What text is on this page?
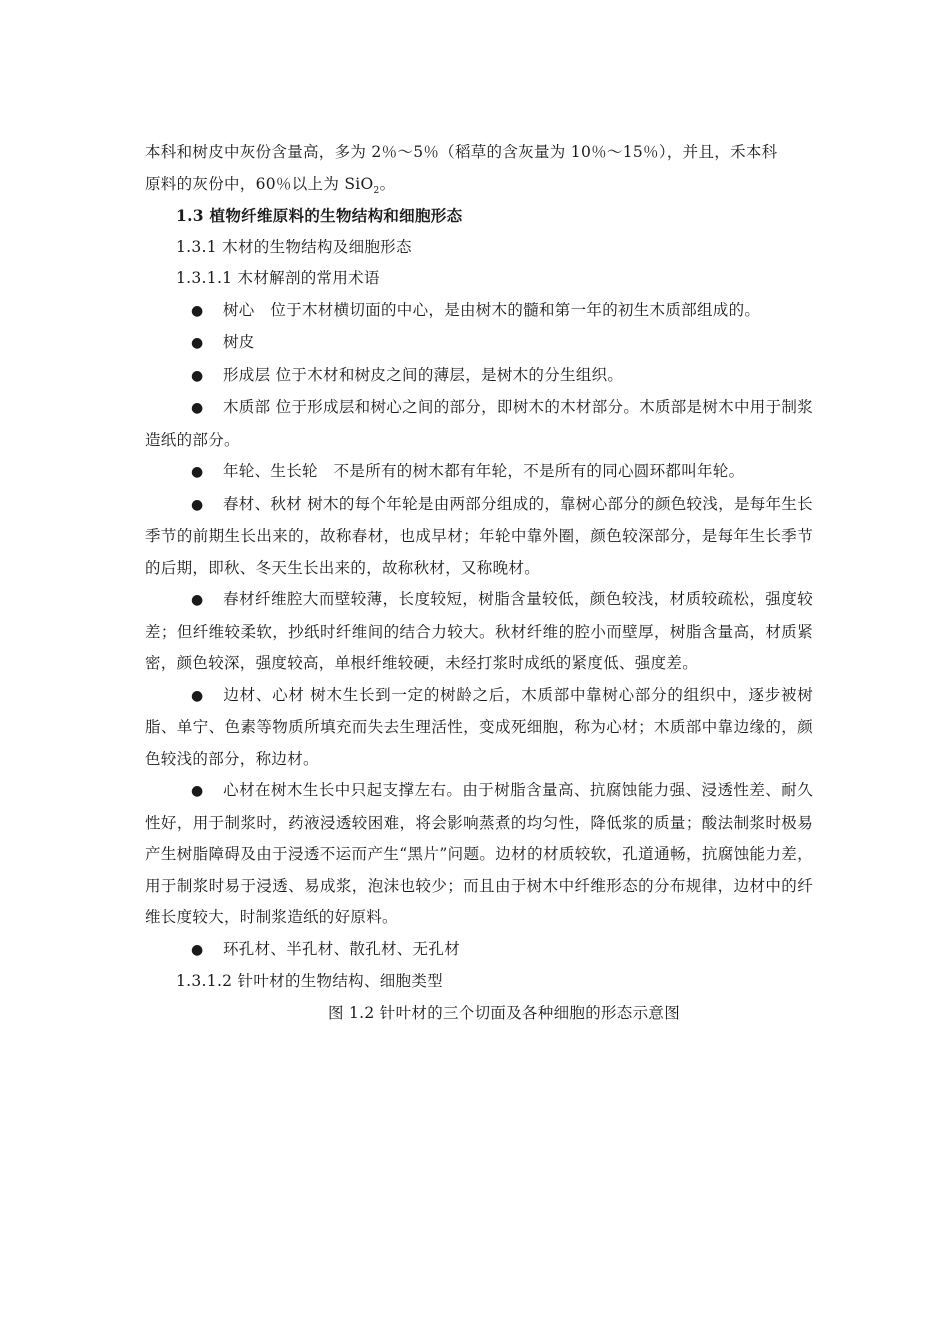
本科和树皮中灰份含量高，多为 2％～5％（稻草的含灰量为 10％～15％），并且，禾本科
原料的灰份中，60％以上为 SiO$_2$。

1.3 植物纤维原料的生物结构和细胞形态

1.3.1 木材的生物结构及细胞形态

1.3.1.1 木材解剖的常用术语

● 树心　位于木材横切面的中心，是由树木的髓和第一年的初生木质部组成的。

● 树皮

● 形成层 位于木材和树皮之间的薄层，是树木的分生组织。

● 木质部 位于形成层和树心之间的部分，即树木的木材部分。木质部是树木中用于制浆造纸的部分。

● 年轮、生长轮　不是所有的树木都有年轮，不是所有的同心圆环都叫年轮。

● 春材、秋材 树木的每个年轮是由两部分组成的，靠树心部分的颜色较浅，是每年生长季节的前期生长出来的，故称春材，也成早材；年轮中靠外圈，颜色较深部分，是每年生长季节的后期，即秋、冬天生长出来的，故称秋材，又称晚材。

● 春材纤维腔大而壁较薄，长度较短，树脂含量较低，颜色较浅，材质较疏松，强度较差；但纤维较柔软，抄纸时纤维间的结合力较大。秋材纤维的腔小而壁厚，树脂含量高，材质紧密，颜色较深，强度较高，单根纤维较硬，未经打浆时成纸的紧度低、强度差。

● 边材、心材 树木生长到一定的树龄之后，木质部中靠树心部分的组织中，逐步被树脂、单宁、色素等物质所填充而失去生理活性，变成死细胞，称为心材；木质部中靠边缘的，颜色较浅的部分，称边材。

● 心材在树木生长中只起支撑左右。由于树脂含量高、抗腐蚀能力强、浸透性差、耐久性好，用于制浆时，药液浸透较困难，将会影响蒸煮的均匀性，降低浆的质量；酸法制浆时极易产生树脂障碍及由于浸透不运而产生“黑片”问题。边材的材质较软，孔道通畅，抗腐蚀能力差，用于制浆时易于浸透、易成浆，泡沫也较少；而且由于树木中纤维形态的分布规律，边材中的纤维长度较大，时制浆造纸的好原料。

● 环孔材、半孔材、散孔材、无孔材

1.3.1.2 针叶材的生物结构、细胞类型

图 1.2 针叶材的三个切面及各种细胞的形态示意图
